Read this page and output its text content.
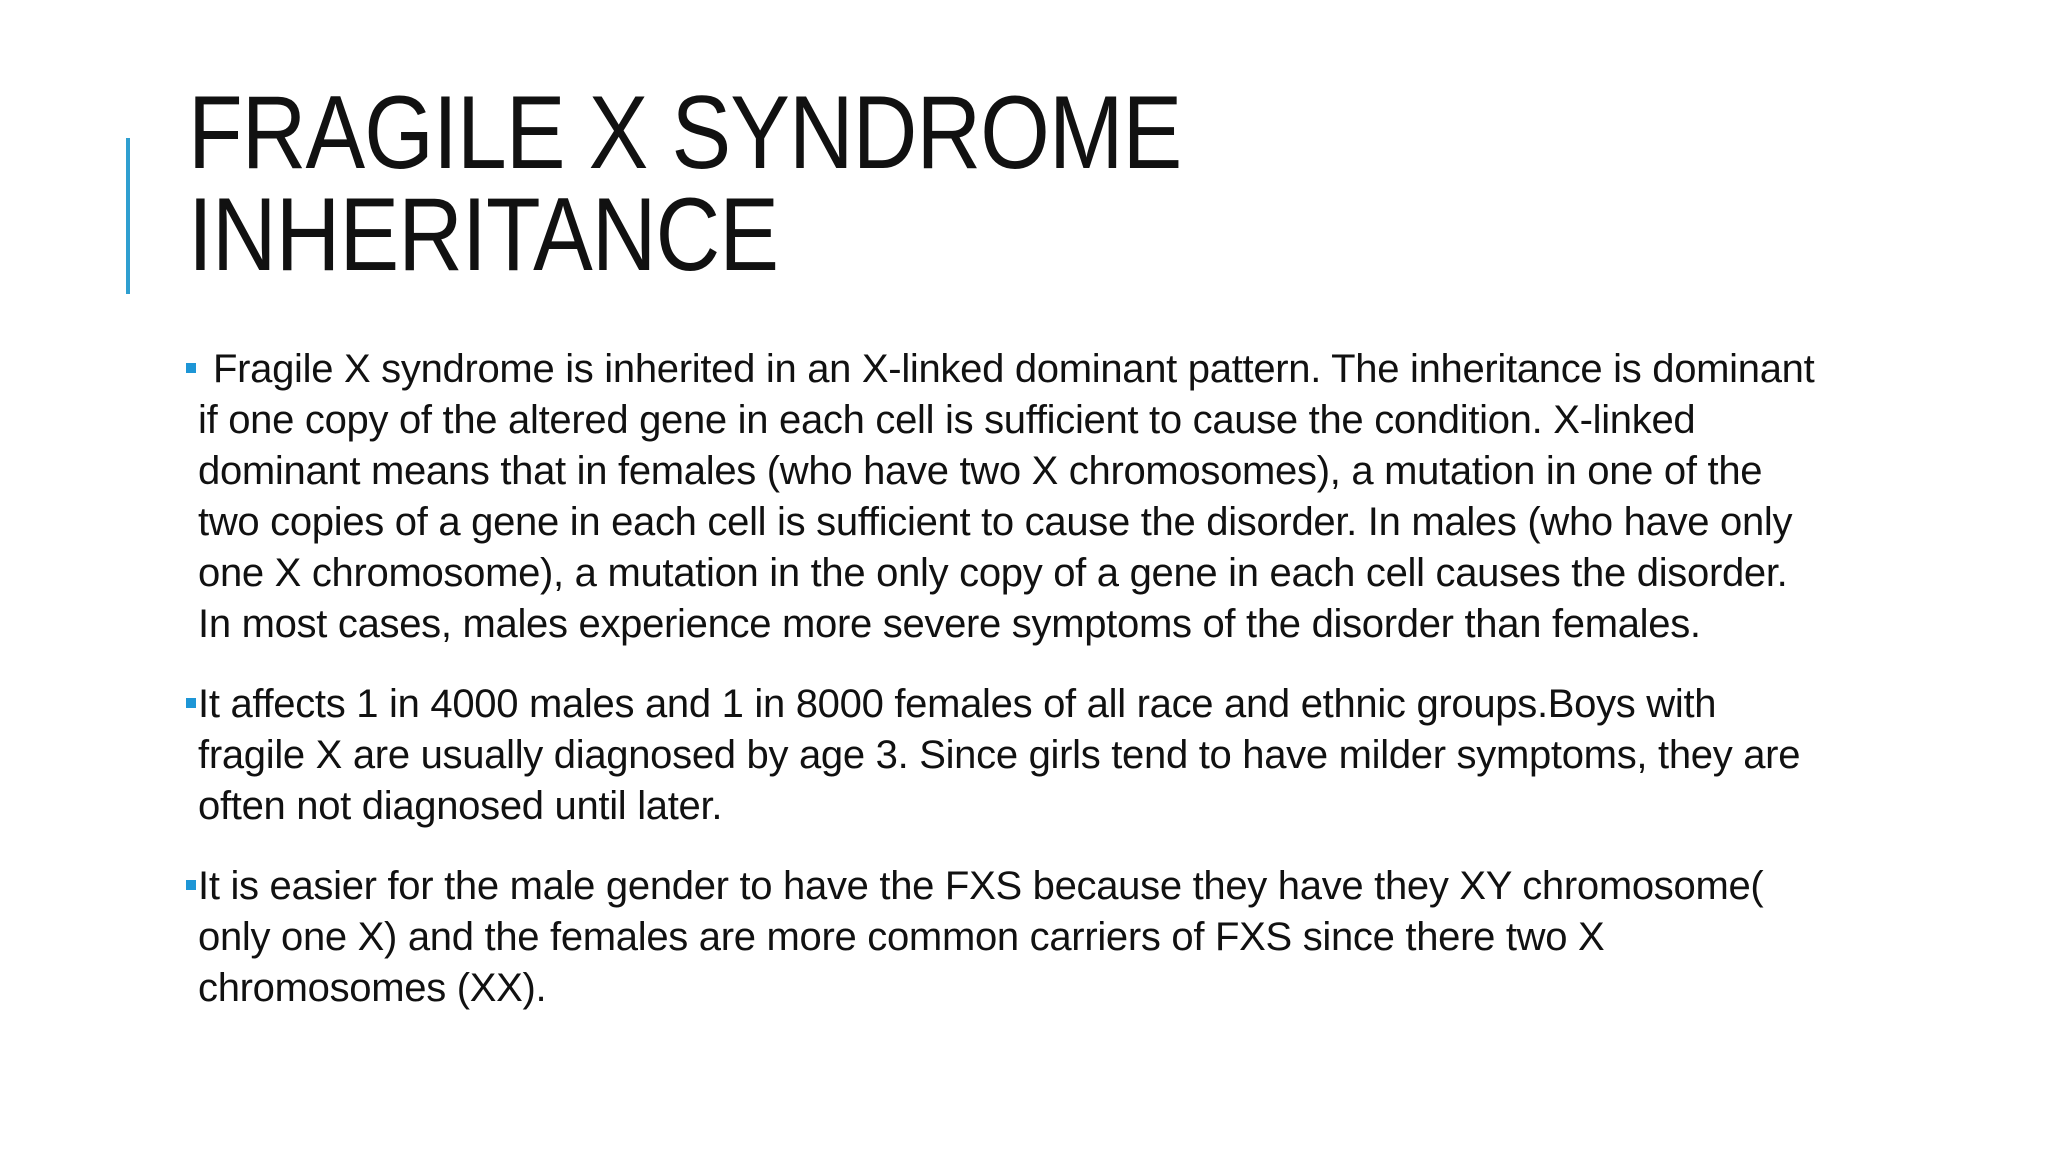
FRAGILE X SYNDROME
INHERITANCE
Fragile X syndrome is inherited in an X-linked dominant pattern. The inheritance is dominant if one copy of the altered gene in each cell is sufficient to cause the condition. X-linked dominant means that in females (who have two X chromosomes), a mutation in one of the two copies of a gene in each cell is sufficient to cause the disorder. In males (who have only one X chromosome), a mutation in the only copy of a gene in each cell causes the disorder. In most cases, males experience more severe symptoms of the disorder than females.
It affects 1 in 4000 males and 1 in 8000 females of all race and ethnic groups.Boys with fragile X are usually diagnosed by age 3. Since girls tend to have milder symptoms, they are often not diagnosed until later.
It is easier for the male gender to have the FXS because they have they XY chromosome( only one X) and the females are more common carriers of FXS since there two X chromosomes (XX).
